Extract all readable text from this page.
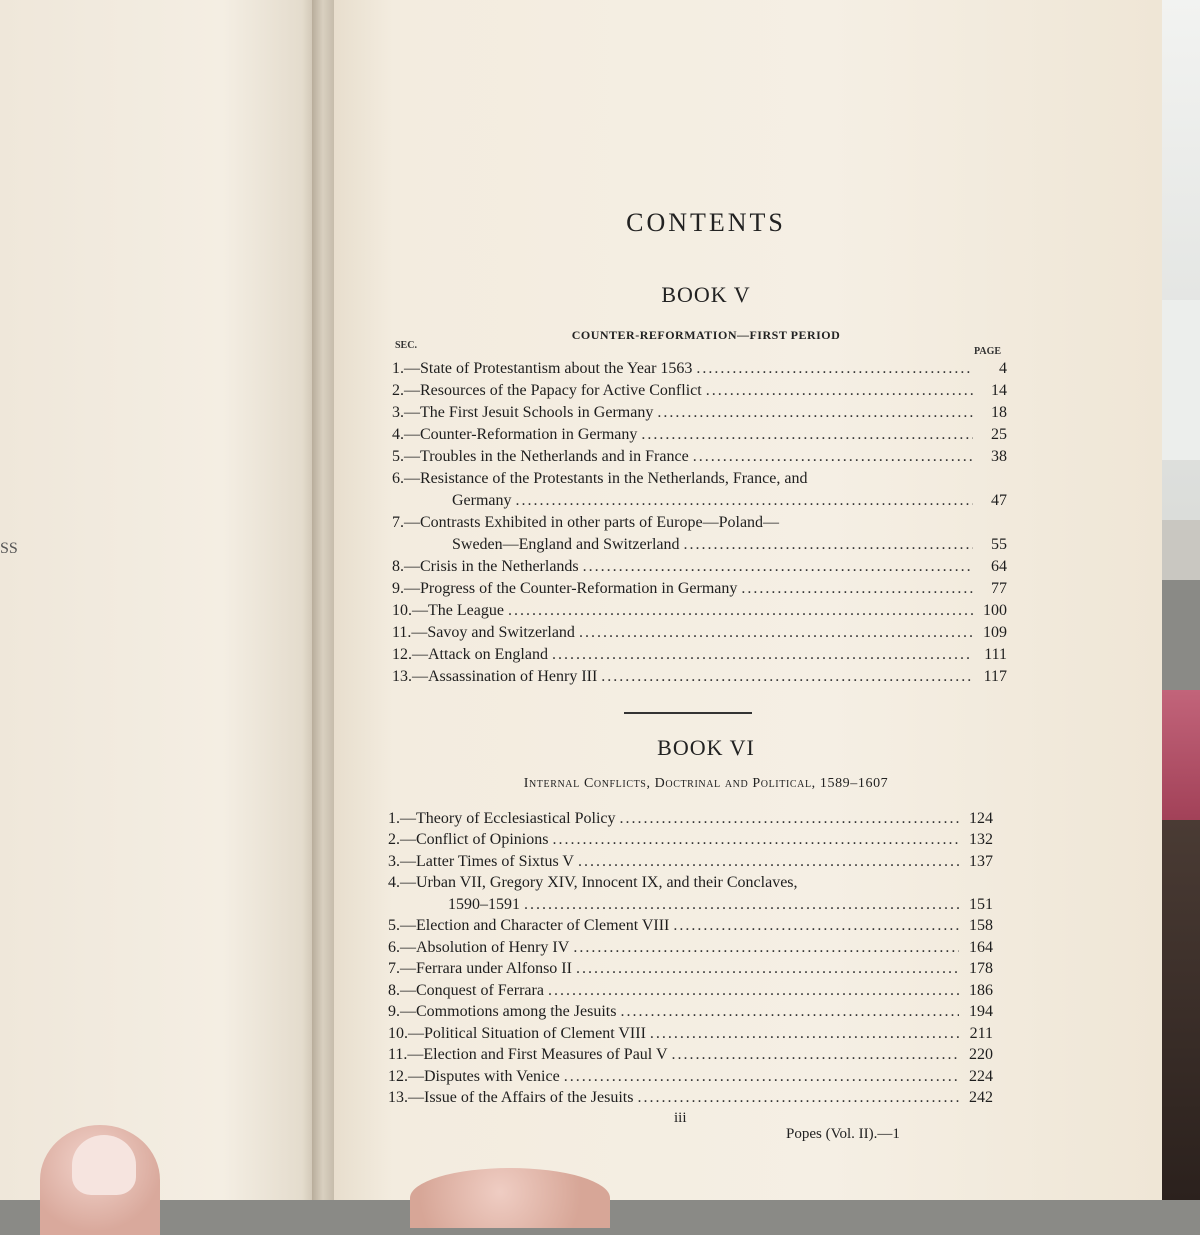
SS
CONTENTS
BOOK V
COUNTER-REFORMATION—FIRST PERIOD
SEC.
PAGE
1.—State of Protestantism about the Year 1563 . . .	4
2.—Resources of the Papacy for Active Conflict . . .	14
3.—The First Jesuit Schools in Germany . . .	18
4.—Counter-Reformation in Germany . . .	25
5.—Troubles in the Netherlands and in France . . .	38
6.—Resistance of the Protestants in the Netherlands, France, and
Germany . . .	47
7.—Contrasts Exhibited in other parts of Europe—Poland—
Sweden—England and Switzerland . . .	55
8.—Crisis in the Netherlands . . .	64
9.—Progress of the Counter-Reformation in Germany . . .	77
10.—The League . . .	100
11.—Savoy and Switzerland . . .	109
12.—Attack on England . . .	111
13.—Assassination of Henry III . . .	117
BOOK VI
Internal Conflicts, Doctrinal and Political, 1589–1607
1.—Theory of Ecclesiastical Policy . . .	124
2.—Conflict of Opinions . . .	132
3.—Latter Times of Sixtus V . . .	137
4.—Urban VII, Gregory XIV, Innocent IX, and their Conclaves,
1590–1591 . . .	151
5.—Election and Character of Clement VIII . . .	158
6.—Absolution of Henry IV . . .	164
7.—Ferrara under Alfonso II . . .	178
8.—Conquest of Ferrara . . .	186
9.—Commotions among the Jesuits . . .	194
10.—Political Situation of Clement VIII . . .	211
11.—Election and First Measures of Paul V . . .	220
12.—Disputes with Venice . . .	224
13.—Issue of the Affairs of the Jesuits . . .	242
iii
Popes (Vol. II).—1
